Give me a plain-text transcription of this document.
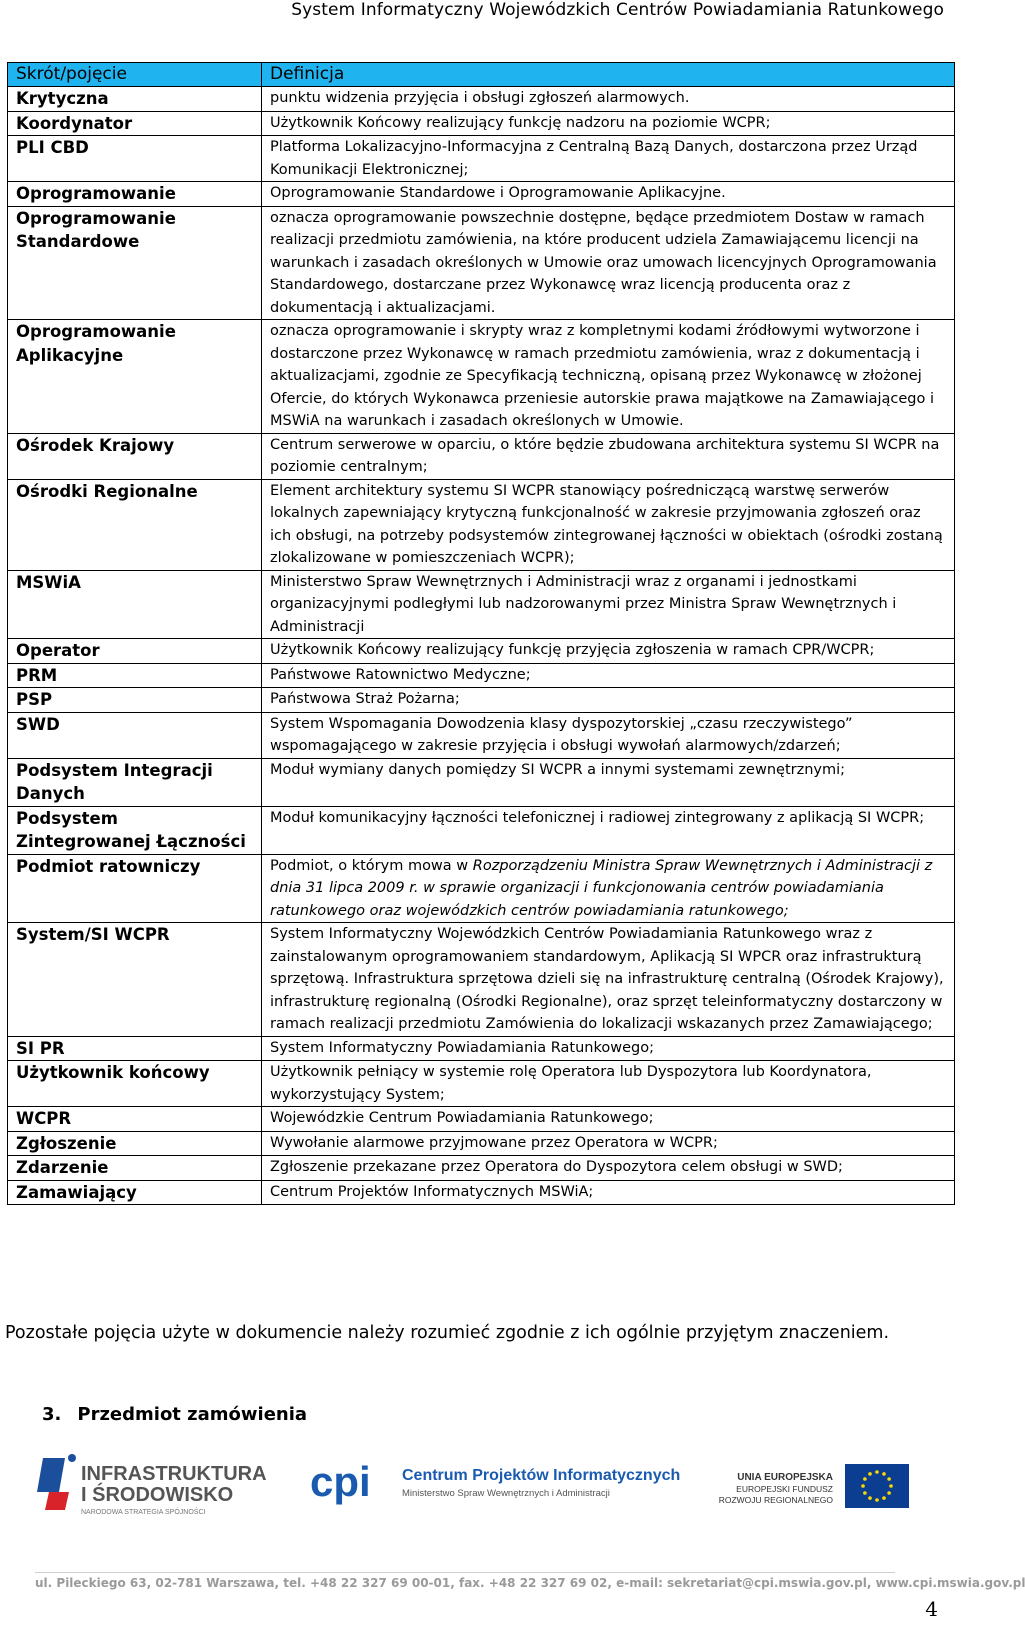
System Informatyczny Wojewódzkich Centrów Powiadamiania Ratunkowego
Skrót/pojęcie	Definicja
Krytyczna	punktu widzenia przyjęcia i obsługi zgłoszeń alarmowych.
Koordynator	Użytkownik Końcowy realizujący funkcję nadzoru na poziomie WCPR;
PLI CBD	Platforma Lokalizacyjno-Informacyjna z Centralną Bazą Danych, dostarczona przez Urząd Komunikacji Elektronicznej;
Oprogramowanie	Oprogramowanie Standardowe i Oprogramowanie Aplikacyjne.
Oprogramowanie Standardowe	oznacza oprogramowanie powszechnie dostępne, będące przedmiotem Dostaw w ramach realizacji przedmiotu zamówienia, na które producent udziela Zamawiającemu licencji na warunkach i zasadach określonych w Umowie oraz umowach licencyjnych Oprogramowania Standardowego, dostarczane przez Wykonawcę wraz licencją producenta oraz z dokumentacją i aktualizacjami.
Oprogramowanie Aplikacyjne	oznacza oprogramowanie i skrypty wraz z kompletnymi kodami źródłowymi wytworzone i dostarczone przez Wykonawcę w ramach przedmiotu zamówienia, wraz z dokumentacją i aktualizacjami, zgodnie ze Specyfikacją techniczną, opisaną przez Wykonawcę w złożonej Ofercie, do których Wykonawca przeniesie autorskie prawa majątkowe na Zamawiającego i MSWiA na warunkach i zasadach określonych w Umowie.
Ośrodek Krajowy	Centrum serwerowe w oparciu, o które będzie zbudowana architektura systemu SI WCPR na poziomie centralnym;
Ośrodki Regionalne	Element architektury systemu SI WCPR stanowiący pośredniczącą warstwę serwerów lokalnych zapewniający krytyczną funkcjonalność w zakresie przyjmowania zgłoszeń oraz ich obsługi, na potrzeby podsystemów zintegrowanej łączności w obiektach (ośrodki zostaną zlokalizowane w pomieszczeniach WCPR);
MSWiA	Ministerstwo Spraw Wewnętrznych i Administracji wraz z organami i jednostkami organizacyjnymi podległymi lub nadzorowanymi przez Ministra Spraw Wewnętrznych i Administracji
Operator	Użytkownik Końcowy realizujący funkcję przyjęcia zgłoszenia w ramach CPR/WCPR;
PRM	Państwowe Ratownictwo Medyczne;
PSP	Państwowa Straż Pożarna;
SWD	System Wspomagania Dowodzenia klasy dyspozytorskiej „czasu rzeczywistego” wspomagającego w zakresie przyjęcia i obsługi wywołań alarmowych/zdarzeń;
Podsystem Integracji Danych	Moduł wymiany danych pomiędzy SI WCPR a innymi systemami zewnętrznymi;
Podsystem Zintegrowanej Łączności	Moduł komunikacyjny łączności telefonicznej i radiowej zintegrowany z aplikacją SI WCPR;
Podmiot ratowniczy	Podmiot, o którym mowa w Rozporządzeniu Ministra Spraw Wewnętrznych i Administracji z dnia 31 lipca 2009 r. w sprawie organizacji i funkcjonowania centrów powiadamiania ratunkowego oraz wojewódzkich centrów powiadamiania ratunkowego;
System/SI WCPR	System Informatyczny Wojewódzkich Centrów Powiadamiania Ratunkowego wraz z zainstalowanym oprogramowaniem standardowym, Aplikacją SI WPCR oraz infrastrukturą sprzętową. Infrastruktura sprzętowa dzieli się na infrastrukturę centralną (Ośrodek Krajowy), infrastrukturę regionalną (Ośrodki Regionalne), oraz sprzęt teleinformatyczny dostarczony w ramach realizacji przedmiotu Zamówienia do lokalizacji wskazanych przez Zamawiającego;
SI PR	System Informatyczny Powiadamiania Ratunkowego;
Użytkownik końcowy	Użytkownik pełniący w systemie rolę Operatora lub Dyspozytora lub Koordynatora, wykorzystujący System;
WCPR	Wojewódzkie Centrum Powiadamiania Ratunkowego;
Zgłoszenie	Wywołanie alarmowe przyjmowane przez Operatora w WCPR;
Zdarzenie	Zgłoszenie przekazane przez Operatora do Dyspozytora celem obsługi w SWD;
Zamawiający	Centrum Projektów Informatycznych MSWiA;
Pozostałe pojęcia użyte w dokumencie należy rozumieć zgodnie z ich ogólnie przyjętym znaczeniem.
3. Przedmiot zamówienia
INFRASTRUKTURA
I ŚRODOWISKO
NARODOWA STRATEGIA SPÓJNOŚCI
cpi Centrum Projektów Informatycznych
Ministerstwo Spraw Wewnętrznych i Administracji
UNIA EUROPEJSKA
EUROPEJSKI FUNDUSZ
ROZWOJU REGIONALNEGO
ul. Pileckiego 63, 02-781 Warszawa, tel. +48 22 327 69 00-01, fax. +48 22 327 69 02, e-mail: sekretariat@cpi.mswia.gov.pl, www.cpi.mswia.gov.pl
4
